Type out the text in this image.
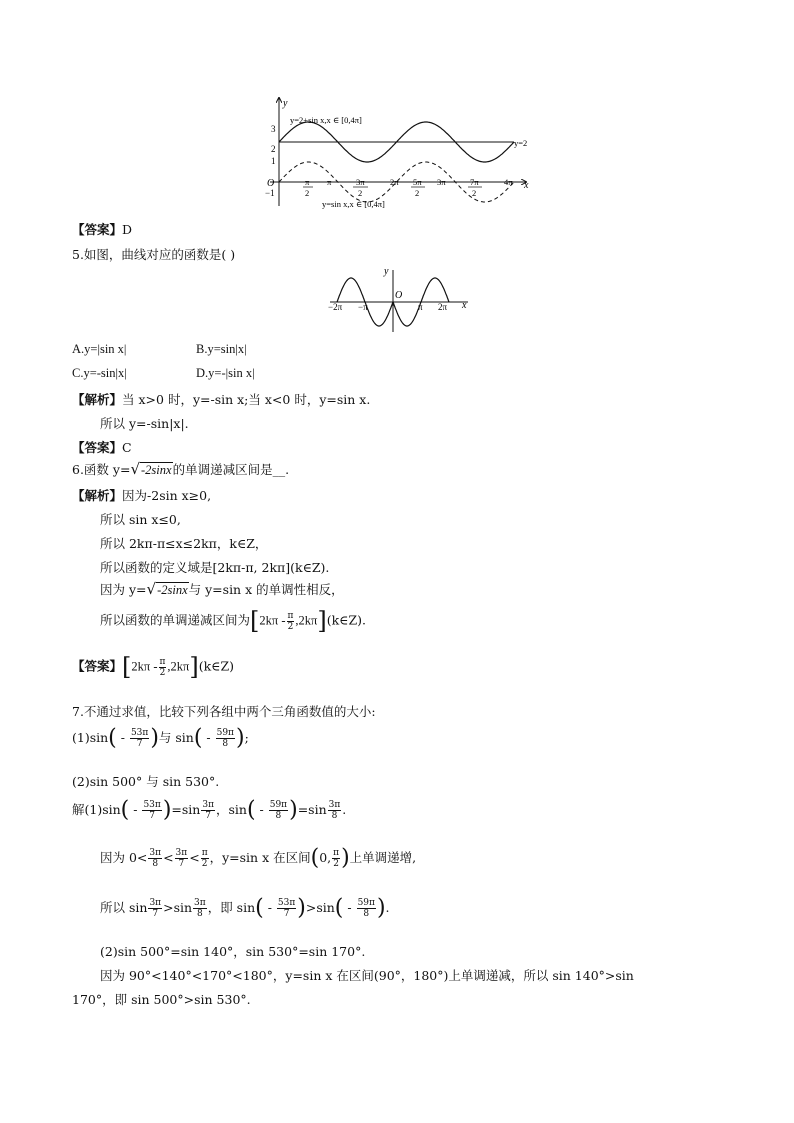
y
x
O
y=2+sin x,x ∈ [0,4π]
y=2
y=sin x,x ∈ [0,4π]
3
2
1
−1
π
2
π	3π
2
2π 5π
2
3π	7π
2
4π
【答案】D
5.如图，曲线对应的函数是( )
y
O
x
−2π −π	π 2π
A.y=|sin x|	B.y=sin|x|
C.y=-sin|x|	D.y=-|sin x|
【解析】当 x>0 时，y=-sin x;当 x<0 时，y=sin x.
所以 y=-sin|x|.
【答案】C
6.函数 y=√-2sinx的单调递减区间是__.
【解析】因为-2sin x≥0,
所以 sin x≤0,
所以 2kπ-π≤x≤2kπ，k∈Z，
所以函数的定义域是[2kπ-π, 2kπ](k∈Z).
因为 y=√-2sinx与 y=sin x 的单调性相反，
所以函数的单调递减区间为[$2k\pi - \frac{\pi}{2}$ ,2kπ](k∈Z).
【答案】[$2k\pi - \frac{\pi}{2}$ ,2kπ](k∈Z)
7.不通过求值，比较下列各组中两个三角函数值的大小:
$(1)\sin( - \frac{53\pi}{7}$ )与 $\sin( - \frac{59\pi}{8}$ );
(2)sin 500° 与 sin 530°.
解$(1)\sin( - \frac{53\pi}{7} )=\sin \frac{3\pi}{7}$ ，$\sin( - \frac{59\pi}{8} )=\sin \frac{3\pi}{8}$ .
因为 $0< \frac{3\pi}{8} < \frac{3\pi}{7} < \frac{\pi}{2}$ ，y=sin x 在区间(0, $\frac{\pi}{2}$ )上单调递增,
所以 $\sin \frac{3\pi}{7} >\sin \frac{3\pi}{8}$ ，即 $\sin( - \frac{53\pi}{7} )>\sin( - \frac{59\pi}{8}$ ).
(2)sin 500°=sin 140°，sin 530°=sin 170°.
因为 90°<140°<170°<180°，y=sin x 在区间(90°，180°)上单调递减，所以 sin 140°>sin
170°，即 sin 500°>sin 530°.
